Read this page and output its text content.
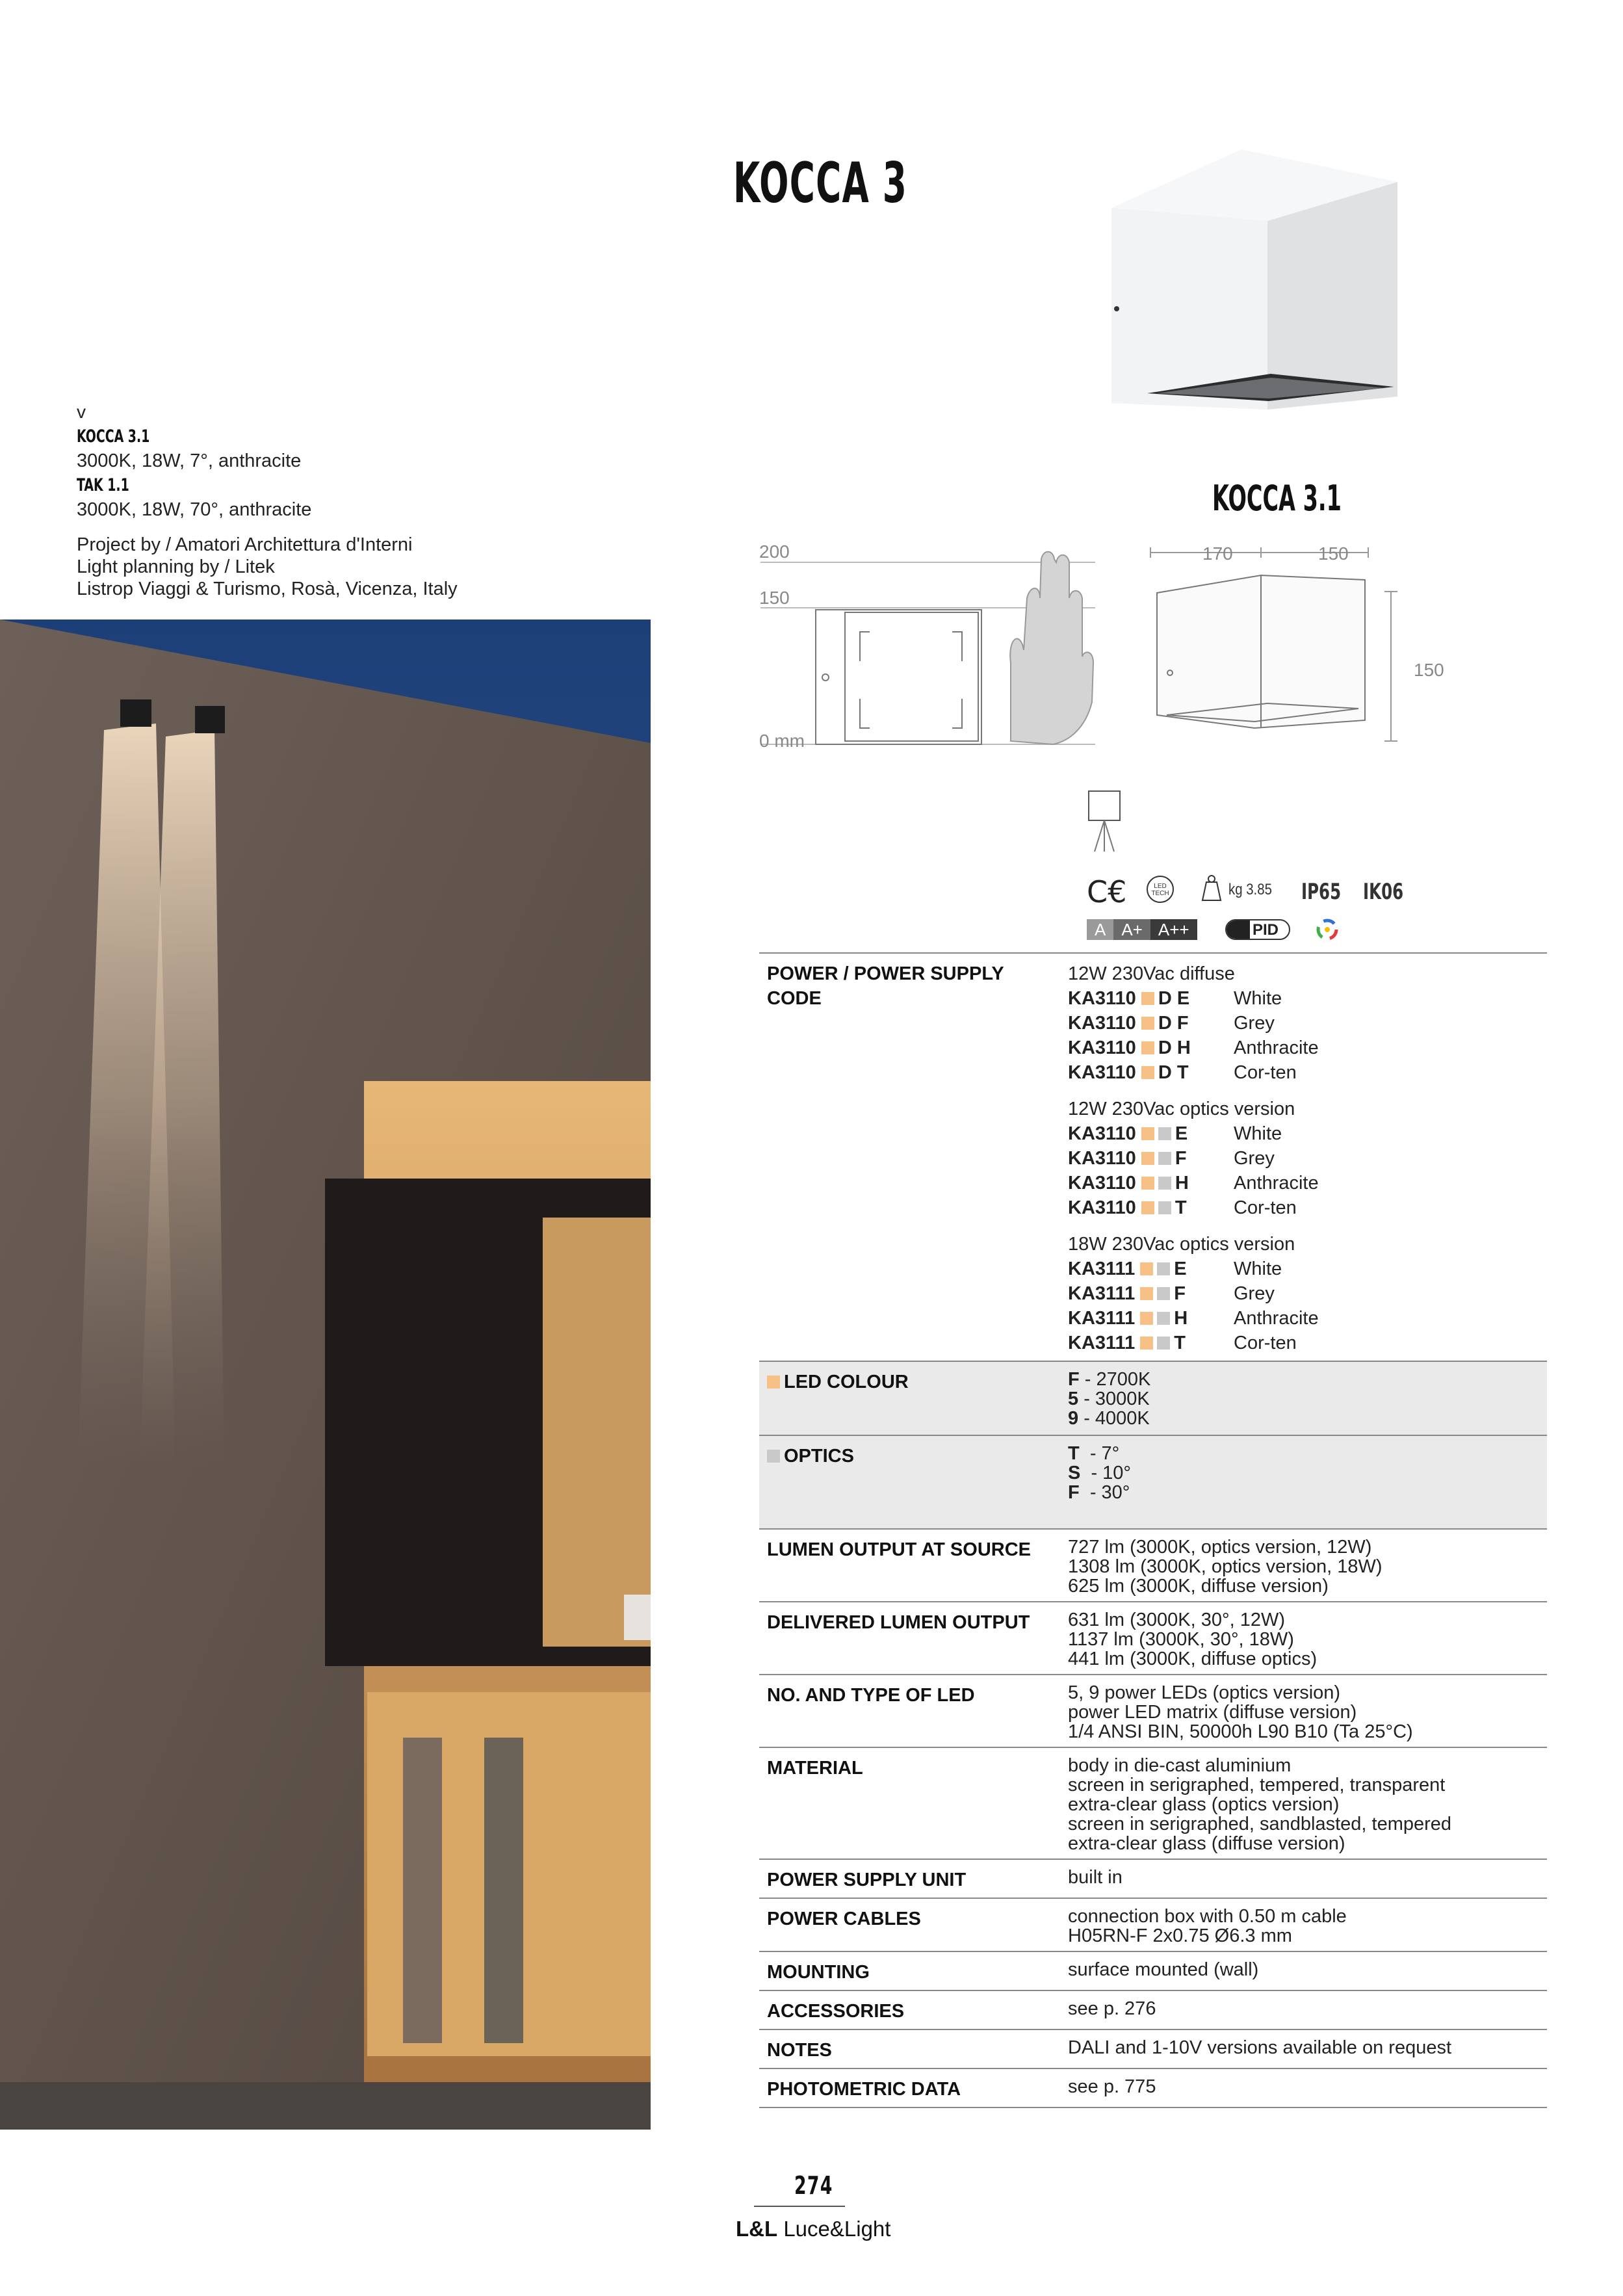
KOCCA 3
v
KOCCA 3.1
3000K, 18W, 7°, anthracite
TAK 1.1
3000K, 18W, 70°, anthracite
Project by / Amatori Architettura d'Interni
Light planning by / Litek
Listrop Viaggi & Turismo, Rosà, Vicenza, Italy
KOCCA 3.1
200
150
0 mm
170	150
150
C€	LED TECH	kg 3.85 IP65 IK06
A A+ A++	PID
POWER / POWER SUPPLY
CODE
12W 230Vac diffuse
KA3110 D E	White
KA3110 D F	Grey
KA3110 D H	Anthracite
KA3110 D T	Cor-ten
12W 230Vac optics version
KA3110 E	White
KA3110 F	Grey
KA3110 H	Anthracite
KA3110 T	Cor-ten
18W 230Vac optics version
KA3111 E	White
KA3111 F	Grey
KA3111 H	Anthracite
KA3111 T	Cor-ten
LED COLOUR	F - 2700K
5 - 3000K
9 - 4000K
OPTICS	T  - 7°
S  - 10°
F  - 30°
LUMEN OUTPUT AT SOURCE	727 lm (3000K, optics version, 12W)
1308 lm (3000K, optics version, 18W)
625 lm (3000K, diffuse version)
DELIVERED LUMEN OUTPUT	631 lm (3000K, 30°, 12W)
1137 lm (3000K, 30°, 18W)
441 lm (3000K, diffuse optics)
NO. AND TYPE OF LED	5, 9 power LEDs (optics version)
power LED matrix (diffuse version)
1/4 ANSI BIN, 50000h L90 B10 (Ta 25°C)
MATERIAL	body in die-cast aluminium
screen in serigraphed, tempered, transparent
extra-clear glass (optics version)
screen in serigraphed, sandblasted, tempered
extra-clear glass (diffuse version)
POWER SUPPLY UNIT	built in
POWER CABLES	connection box with 0.50 m cable
H05RN-F 2x0.75 Ø6.3 mm
MOUNTING	surface mounted (wall)
ACCESSORIES	see p. 276
NOTES	DALI and 1-10V versions available on request
PHOTOMETRIC DATA	see p. 775
274
L&L Luce&Light
